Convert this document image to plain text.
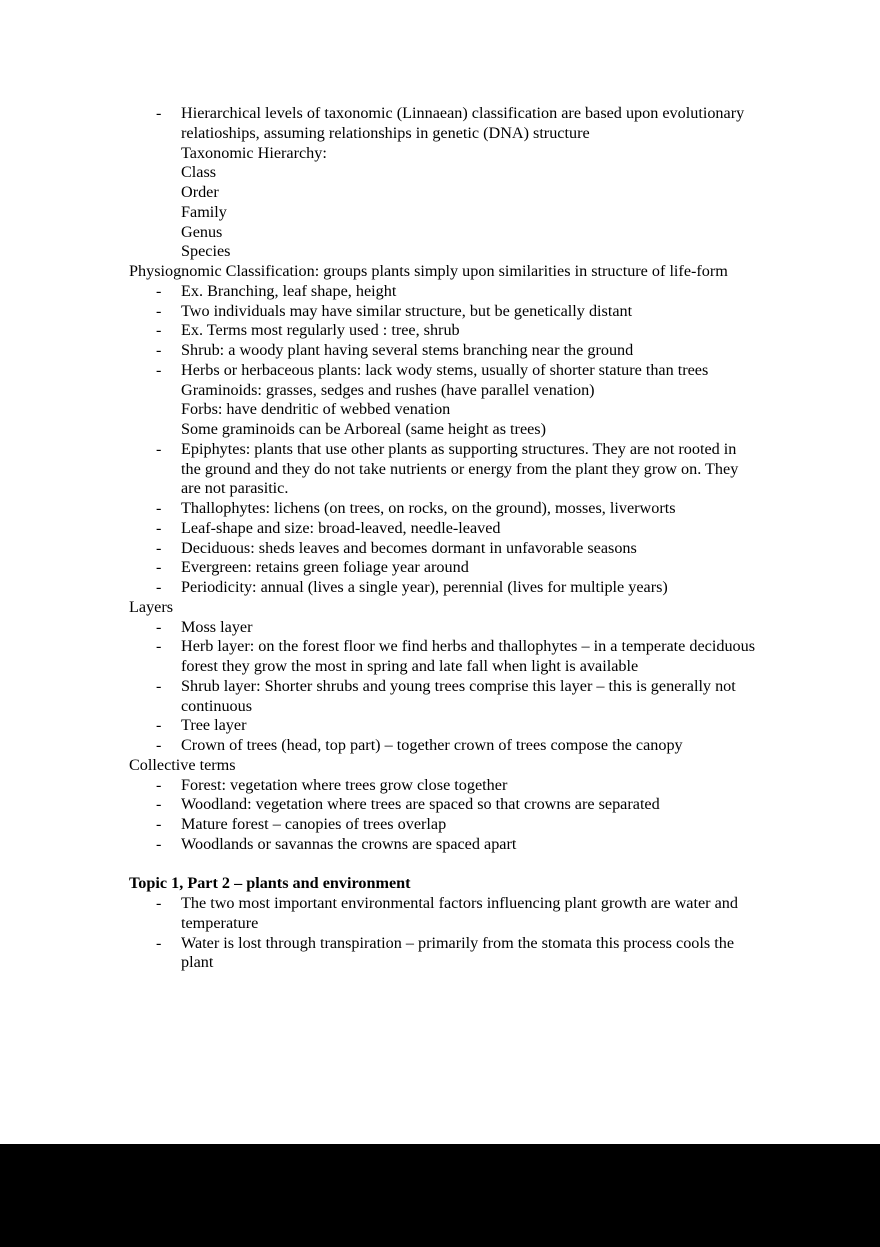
- Hierarchical levels of taxonomic (Linnaean) classification are based upon evolutionary relatioships, assuming relationships in genetic (DNA) structure
Taxonomic Hierarchy:
Class
Order
Family
Genus
Species

Physiognomic Classification: groups plants simply upon similarities in structure of life-form

- Ex. Branching, leaf shape, height
- Two individuals may have similar structure, but be genetically distant
- Ex. Terms most regularly used : tree, shrub
- Shrub: a woody plant having several stems branching near the ground
- Herbs or herbaceous plants: lack wody stems, usually of shorter stature than trees
Graminoids: grasses, sedges and rushes (have parallel venation)
Forbs: have dendritic of webbed venation
Some graminoids can be Arboreal (same height as trees)
- Epiphytes: plants that use other plants as supporting structures. They are not rooted in the ground and they do not take nutrients or energy from the plant they grow on. They are not parasitic.
- Thallophytes: lichens (on trees, on rocks, on the ground), mosses, liverworts
- Leaf-shape and size: broad-leaved, needle-leaved
- Deciduous: sheds leaves and becomes dormant in unfavorable seasons
- Evergreen: retains green foliage year around
- Periodicity: annual (lives a single year), perennial (lives for multiple years)

Layers

- Moss layer
- Herb layer: on the forest floor we find herbs and thallophytes – in a temperate deciduous forest they grow the most in spring and late fall when light is available
- Shrub layer: Shorter shrubs and young trees comprise this layer – this is generally not continuous
- Tree layer
- Crown of trees (head, top part) – together crown of trees compose the canopy

Collective terms

- Forest: vegetation where trees grow close together
- Woodland: vegetation where trees are spaced so that crowns are separated
- Mature forest – canopies of trees overlap
- Woodlands or savannas the crowns are spaced apart

Topic 1, Part 2 – plants and environment

- The two most important environmental factors influencing plant growth are water and temperature
- Water is lost through transpiration – primarily from the stomata this process cools the plant
